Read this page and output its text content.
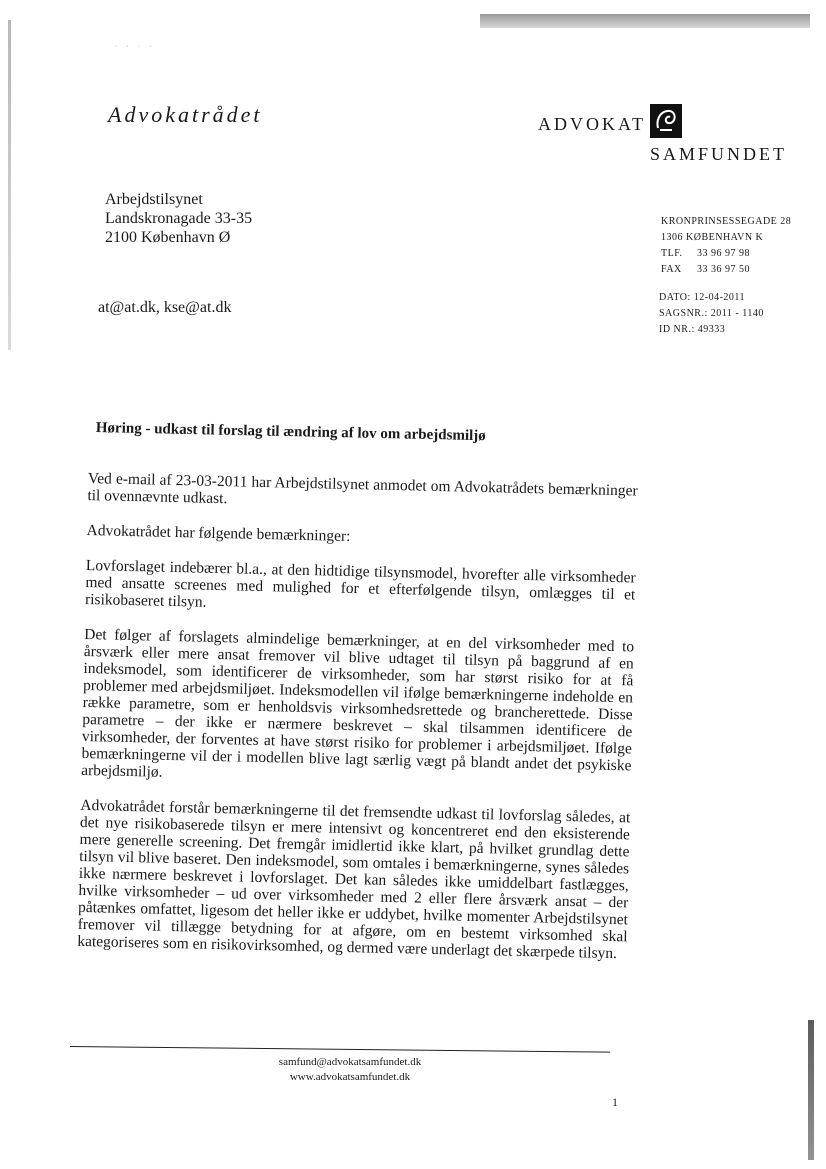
· · · ·
Advokatrådet	ADVOKAT
SAMFUNDET
Arbejdstilsynet
Landskronagade 33-35
2100 København Ø
at@at.dk, kse@at.dk
KRONPRINSESSEGADE 28
1306 KØBENHAVN K
TLF. 33 96 97 98
FAX 33 36 97 50
DATO: 12-04-2011
SAGSNR.: 2011 - 1140
ID NR.: 49333
Høring - udkast til forslag til ændring af lov om arbejdsmiljø

Ved e-mail af 23-03-2011 har Arbejdstilsynet anmodet om Advokatrådets bemærkninger til ovennævnte udkast.

Advokatrådet har følgende bemærkninger:

Lovforslaget indebærer bl.a., at den hidtidige tilsynsmodel, hvorefter alle virksomheder med ansatte screenes med mulighed for et efterfølgende tilsyn, omlægges til et risikobaseret tilsyn.

Det følger af forslagets almindelige bemærkninger, at en del virksomheder med to årsværk eller mere ansat fremover vil blive udtaget til tilsyn på baggrund af en indeksmodel, som identificerer de virksomheder, som har størst risiko for at få problemer med arbejdsmiljøet. Indeksmodellen vil ifølge bemærkningerne indeholde en række parametre, som er henholdsvis virksomhedsrettede og brancherettede. Disse parametre – der ikke er nærmere beskrevet – skal tilsammen identificere de virksomheder, der forventes at have størst risiko for problemer i arbejdsmiljøet. Ifølge bemærkningerne vil der i modellen blive lagt særlig vægt på blandt andet det psykiske arbejdsmiljø.

Advokatrådet forstår bemærkningerne til det fremsendte udkast til lovforslag således, at det nye risikobaserede tilsyn er mere intensivt og koncentreret end den eksisterende mere generelle screening. Det fremgår imidlertid ikke klart, på hvilket grundlag dette tilsyn vil blive baseret. Den indeksmodel, som omtales i bemærkningerne, synes således ikke nærmere beskrevet i lovforslaget. Det kan således ikke umiddelbart fastlægges, hvilke virksomheder – ud over virksomheder med 2 eller flere årsværk ansat – der påtænkes omfattet, ligesom det heller ikke er uddybet, hvilke momenter Arbejdstilsynet fremover vil tillægge betydning for at afgøre, om en bestemt virksomhed skal kategoriseres som en risikovirksomhed, og dermed være underlagt det skærpede tilsyn.

samfund@advokatsamfundet.dk
www.advokatsamfundet.dk
1
